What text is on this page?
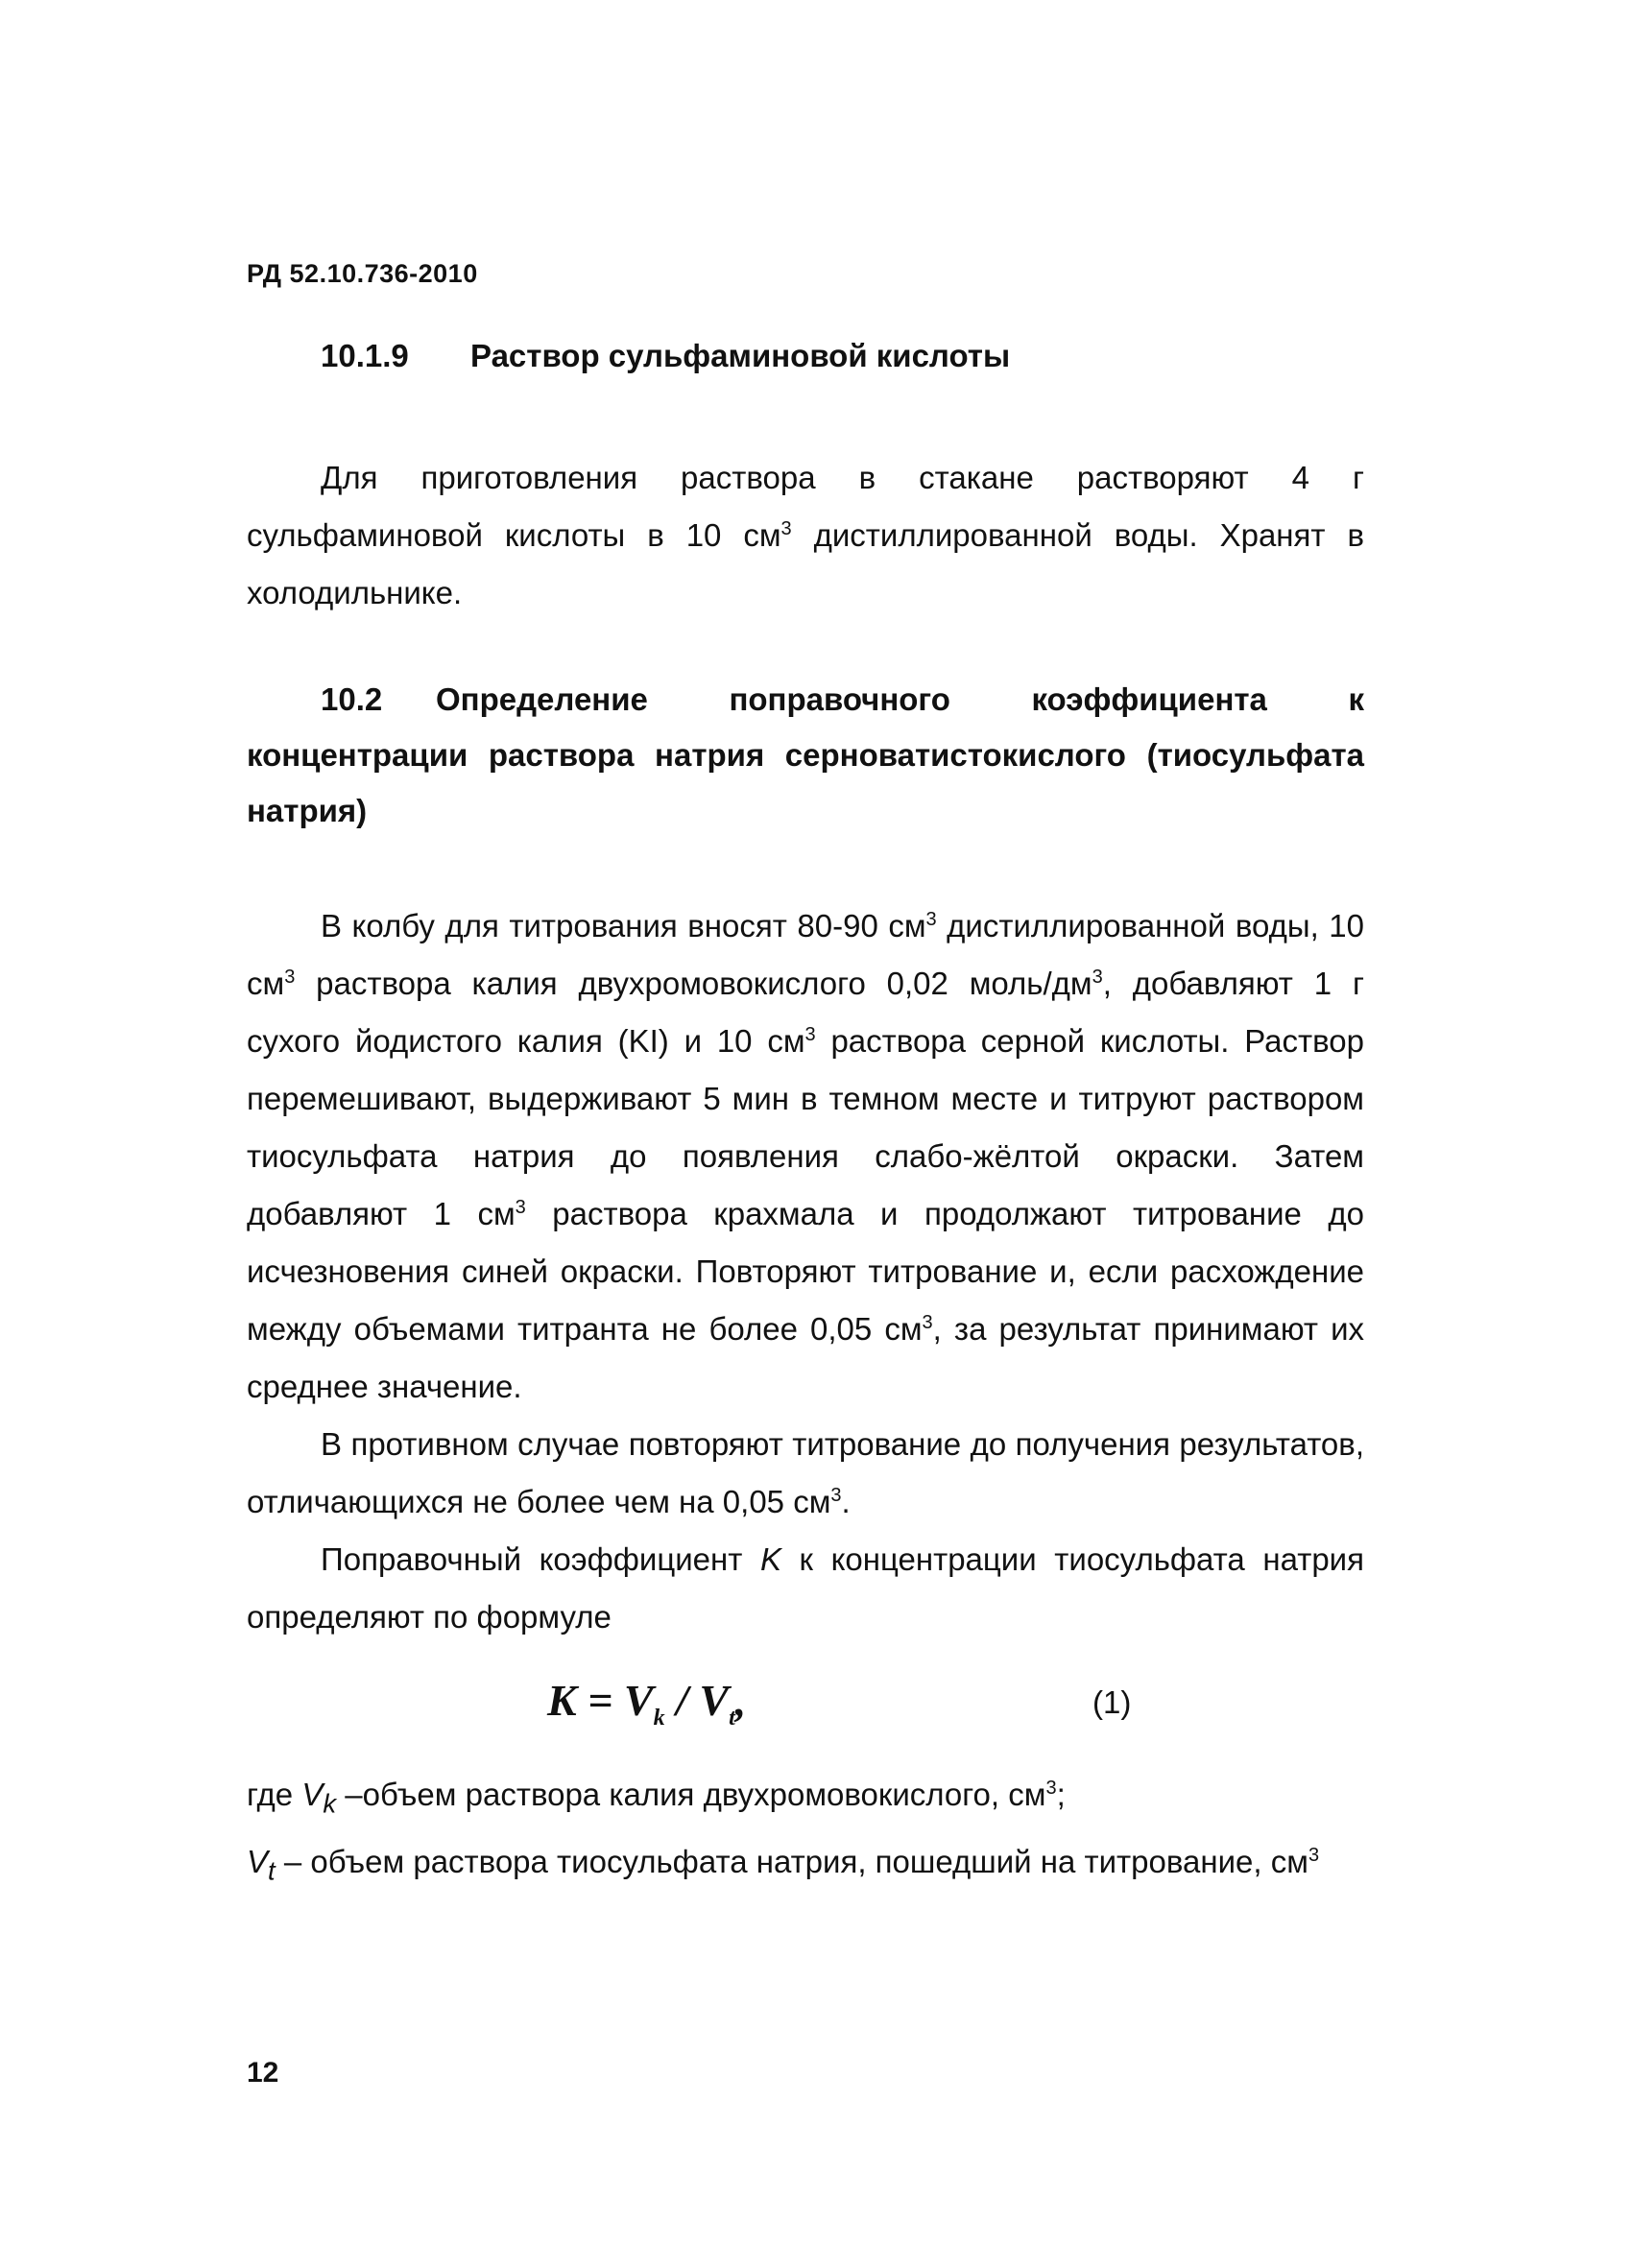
РД 52.10.736-2010
10.1.9 Раствор сульфаминовой кислоты

Для приготовления раствора в стакане растворяют 4 г сульфаминовой кислоты в 10 $см^3$ дистиллированной воды. Хранят в холодильнике.

10.2 Определение поправочного коэффициента к концентрации раствора натрия серноватистокислого (тиосульфата натрия)

В колбу для титрования вносят 80-90 $см^3$ дистиллированной воды, 10 $см^3$ раствора калия двухромовокислого 0,02 моль/$дм^3$, добавляют 1 г сухого йодистого калия (KI) и 10 $см^3$ раствора серной кислоты. Раствор перемешивают, выдерживают 5 мин в темном месте и титруют раствором тиосульфата натрия до появления слабо-жёлтой окраски. Затем добавляют 1 $см^3$ раствора крахмала и продолжают титрование до исчезновения синей окраски. Повторяют титрование и, если расхождение между объемами титранта не более 0,05 $см^3$, за результат принимают их среднее значение.

В противном случае повторяют титрование до получения результатов, отличающихся не более чем на 0,05 $см^3$.

Поправочный коэффициент K к концентрации тиосульфата натрия определяют по формуле

$K = V_k / V_t$,	(1)

где $V_k$ –объем раствора калия двухромовокислого, $см^3$;

$V_t$ – объем раствора тиосульфата натрия, пошедший на титрование, $см^3$

12
